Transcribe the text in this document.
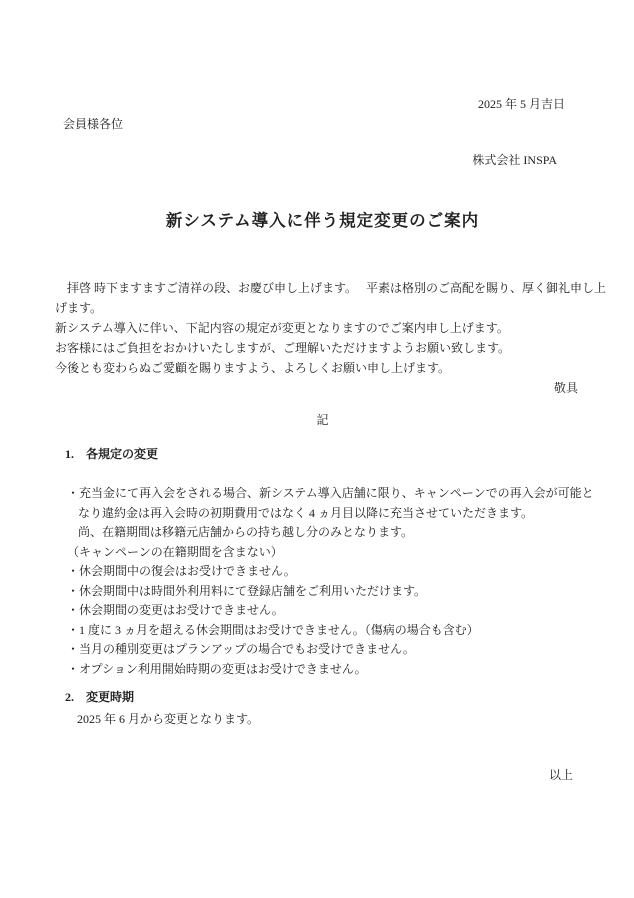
2025 年 5 月吉日
会員様各位
株式会社 INSPA
新システム導入に伴う規定変更のご案内
　拝啓 時下ますますご清祥の段、お慶び申し上げます。　 平素は格別のご高配を賜り、厚く御礼申し上
げます。
新システム導入に伴い、下記内容の規定が変更となりますのでご案内申し上げます。
お客様にはご負担をおかけいたしますが、ご理解いただけますようお願い致します。
今後とも変わらぬご愛顧を賜りますよう、よろしくお願い申し上げます。
敬具
記
1. 各規定の変更
・充当金にて再入会をされる場合、新システム導入店舗に限り、キャンペーンでの再入会が可能と
なり違約金は再入会時の初期費用ではなく 4 ヵ月目以降に充当させていただきます。
尚、在籍期間は移籍元店舗からの持ち越し分のみとなります。
（キャンペーンの在籍期間を含まない）
・休会期間中の復会はお受けできません。
・休会期間中は時間外利用料にて登録店舗をご利用いただけます。
・休会期間の変更はお受けできません。
・1 度に 3 ヵ月を超える休会期間はお受けできません。（傷病の場合も含む）
・当月の種別変更はプランアップの場合でもお受けできません。
・オプション利用開始時期の変更はお受けできません。
2. 変更時期
2025 年 6 月から変更となります。
以上
